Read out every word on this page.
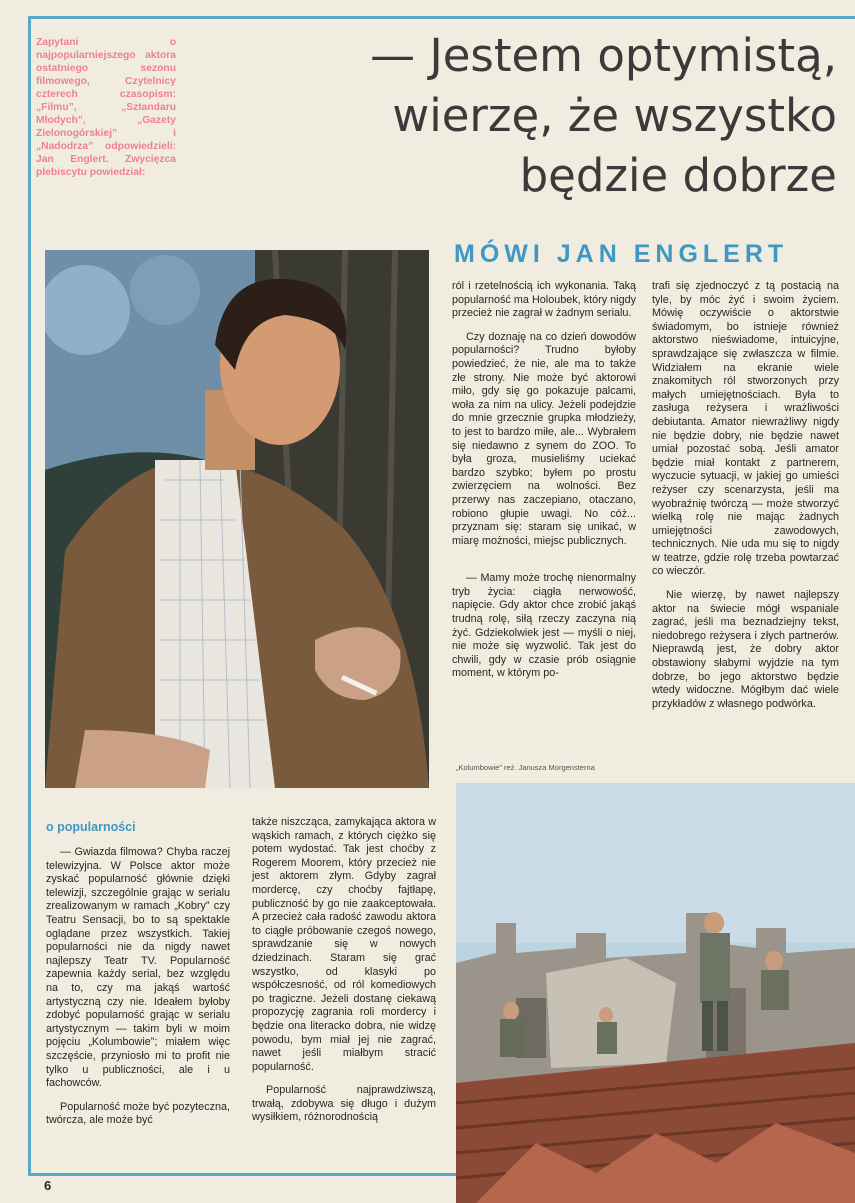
Zapytani o najpopularniejszego aktora ostatniego sezonu filmowego, Czytelnicy czterech czasopism: „Filmu”, „Sztandaru Młodych”, „Gazety Zielonogórskiej” i „Nadodrza” odpowiedzieli: Jan Englert. Zwycięzca plebiscytu powiedział:
— Jestem optymistą, wierzę, że wszystko będzie dobrze
MÓWI JAN ENGLERT

ról i rzetelnością ich wykonania. Taką popularność ma Holoubek, który nigdy przecież nie zagrał w żadnym serialu.

Czy doznaję na co dzień dowodów popularności? Trudno byłoby powiedzieć, że nie, ale ma to także złe strony. Nie może być aktorowi miło, gdy się go pokazuje palcami, woła za nim na ulicy. Jeżeli podejdzie do mnie grzecznie grupka młodzieży, to jest to bardzo miłe, ale... Wybrałem się niedawno z synem do ZOO. To była groza, musieliśmy uciekać bardzo szybko; byłem po prostu zwierzęciem na wolności. Bez przerwy nas zaczepiano, otaczano, robiono głupie uwagi. No cóż... przyznam się: staram się unikać, w miarę możności, miejsc publicznych.

— Mamy może trochę nienormalny tryb życia: ciągła nerwowość, napięcie. Gdy aktor chce zrobić jakąś trudną rolę, siłą rzeczy zaczyna nią żyć. Gdziekolwiek jest — myśli o niej, nie może się wyzwolić. Tak jest do chwili, gdy w czasie prób osiągnie moment, w którym po-

trafi się zjednoczyć z tą postacią na tyle, by móc żyć i swoim życiem. Mówię oczywiście o aktorstwie świadomym, bo istnieje również aktorstwo nieświadome, intuicyjne, sprawdzające się zwłaszcza w filmie. Widziałem na ekranie wiele znakomitych ról stworzonych przy małych umiejętnościach. Była to zasługa reżysera i wrażliwości debiutanta. Amator niewrażliwy nigdy nie będzie dobry, nie będzie nawet umiał pozostać sobą. Jeśli amator będzie miał kontakt z partnerem, wyczucie sytuacji, w jakiej go umieści reżyser czy scenarzysta, jeśli ma wyobraźnię twórczą — może stworzyć wielką rolę nie mając żadnych umiejętności zawodowych, technicznych. Nie uda mu się to nigdy w teatrze, gdzie rolę trzeba powtarzać co wieczór.

Nie wierzę, by nawet najlepszy aktor na świecie mógł wspaniale zagrać, jeśli ma beznadziejny tekst, niedobrego reżysera i złych partnerów. Nieprawdą jest, że dobry aktor obstawiony słabymi wyjdzie na tym dobrze, bo jego aktorstwo będzie wtedy widoczne. Mógłbym dać wiele przykładów z własnego podwórka.

„Kolumbowie” reż. Janusza Morgensterna
o popularności

— Gwiazda filmowa? Chyba raczej telewizyjna. W Polsce aktor może zyskać popularność głównie dzięki telewizji, szczególnie grając w serialu zrealizowanym w ramach „Kobry” czy Teatru Sensacji, bo to są spektakle oglądane przez wszystkich. Takiej popularności nie da nigdy nawet najlepszy Teatr TV. Popularność zapewnia każdy serial, bez względu na to, czy ma jakąś wartość artystyczną czy nie. Ideałem byłoby zdobyć popularność grając w serialu artystycznym — takim byli w moim pojęciu „Kolumbowie”; miałem więc szczęście, przyniosło mi to profit nie tylko u publiczności, ale i u fachowców.

Popularność może być pozyteczna, twórcza, ale może być

także niszcząca, zamykająca aktora w wąskich ramach, z których ciężko się potem wydostać. Tak jest choćby z Rogerem Moorem, który przecież nie jest aktorem złym. Gdyby zagrał mordercę, czy choćby fajtłapę, publiczność by go nie zaakceptowała. A przecież cała radość zawodu aktora to ciągłe próbowanie czegoś nowego, sprawdzanie się w nowych dziedzinach. Staram się grać wszystko, od klasyki po współczesność, od ról komediowych po tragiczne. Jeżeli dostanę ciekawą propozycję zagrania roli mordercy i będzie ona literacko dobra, nie widzę powodu, bym miał jej nie zagrać, nawet jeśli miałbym stracić popularność.

Popularność najprawdziwszą, trwałą, zdobywa się długo i dużym wysiłkiem, różnorodnością

6
